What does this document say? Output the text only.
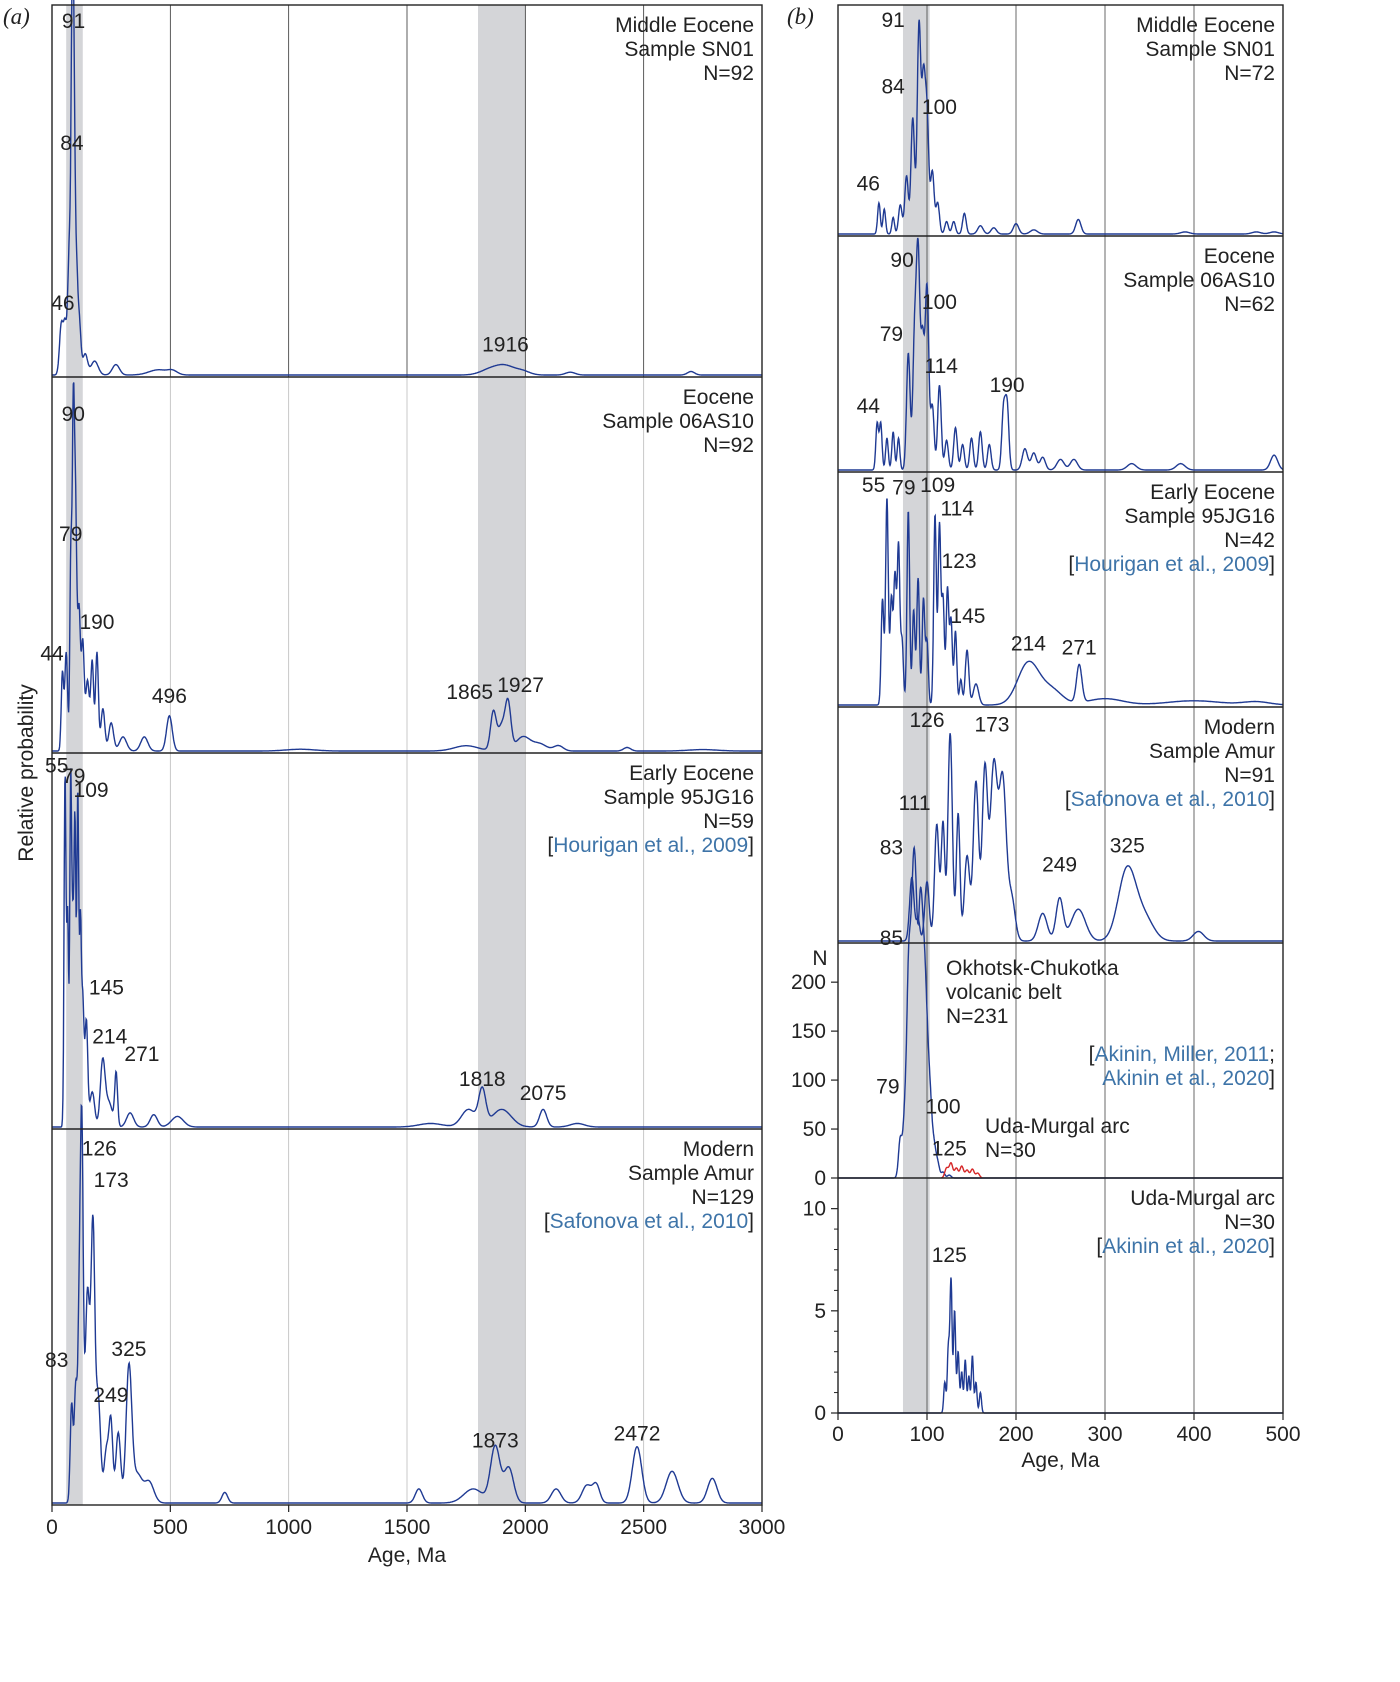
91
84
46
1916
Middle Eocene
Sample SN01
N=92
90
79
190
44
496	1865 1927
Eocene
Sample 06AS10
N=92
55
79
109
145
214
271
1818
2075
Early Eocene
Sample 95JG16
N=59
[Hourigan et al., 2009]
126
173
83 325
249
1873	2472
Modern
Sample Amur
N=129
[Safonova et al., 2010]
0	500	1000	1500	2000	2500	3000
Age, Ma
Relative probability
(a)	91
84
100
46
Middle Eocene
Sample SN01
N=72
90
100
79
114
190
44
Eocene
Sample 06AS10
N=62
55 79 109
114
123
145
214 271
Early Eocene
Sample 95JG16
N=42
[Hourigan et al., 2009]
126 173
111
83
249
325
Modern
Sample Amur
N=91
[Safonova et al., 2010]
85
79
100
125
Okhotsk-Chukotka
volcanic belt
N=231
Uda-Murgal arc
N=30
[Akinin, Miller, 2011;
Akinin et al., 2020]
0
50
100
150
200
N
125
Uda-Murgal arc
N=30
[Akinin et al., 2020]
0
5
10
0	100	200	300	400	500
Age, Ma
(b)
